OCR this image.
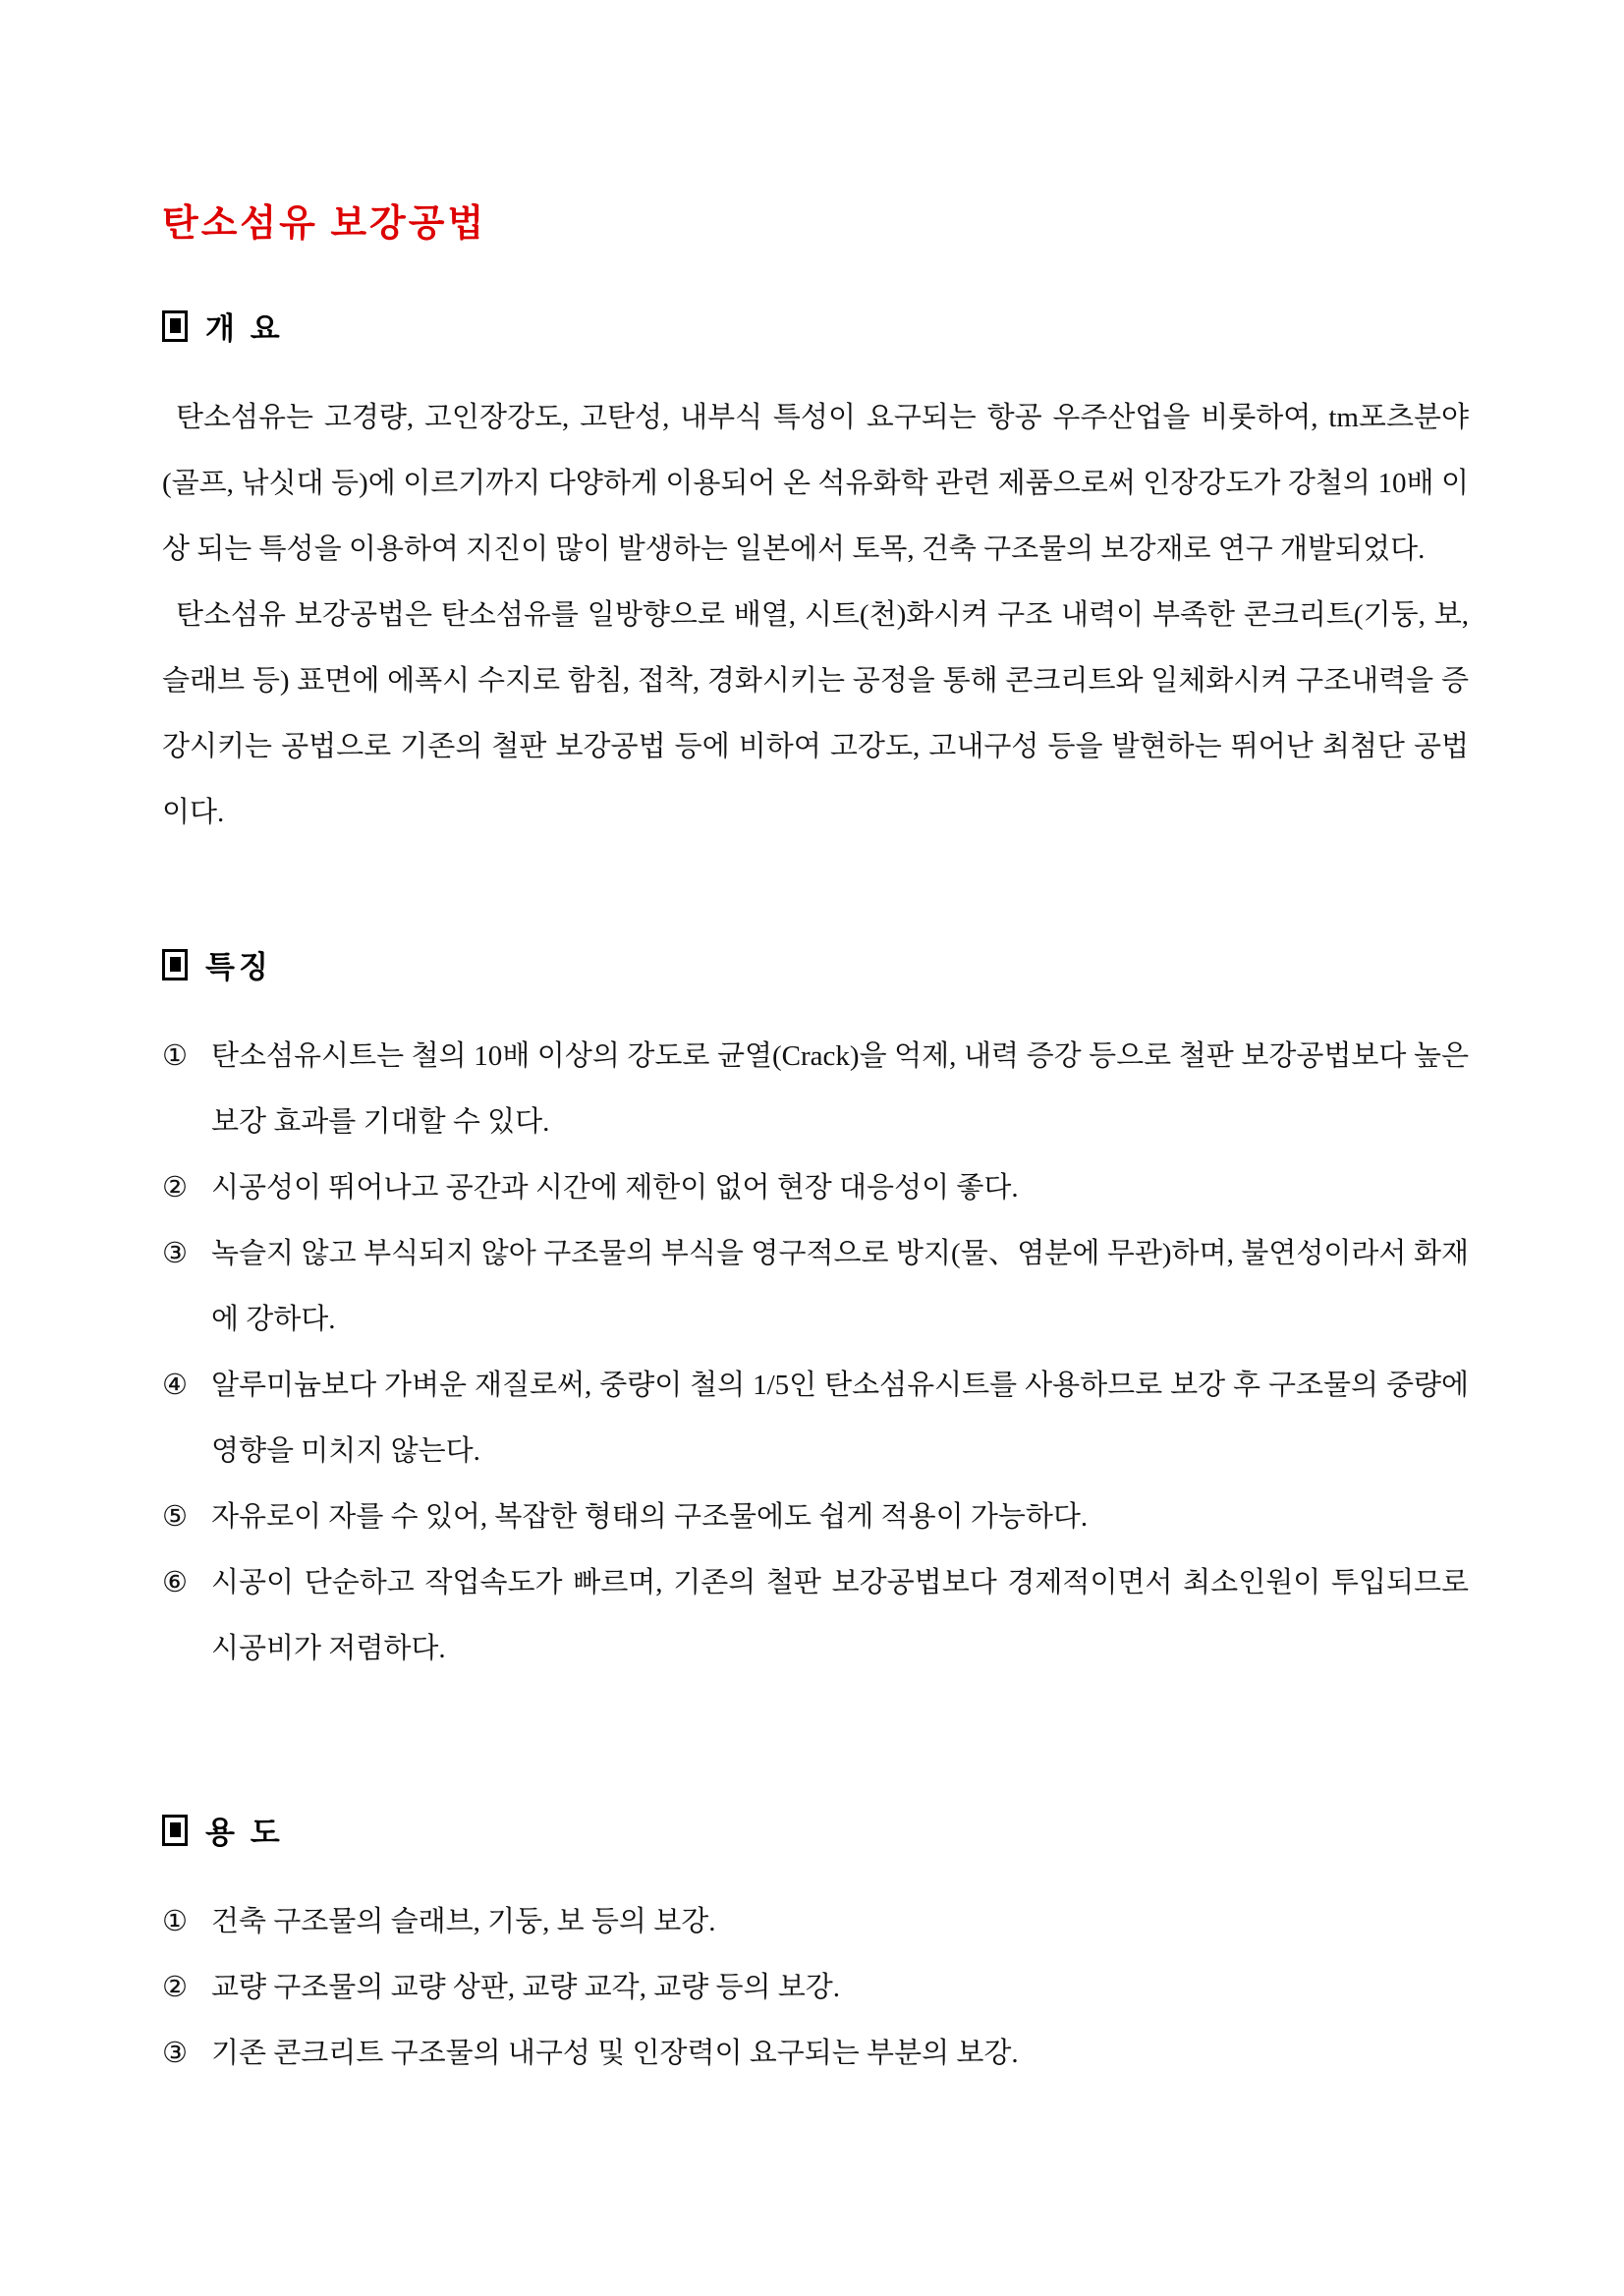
탄소섬유 보강공법
개 요

탄소섬유는 고경량, 고인장강도, 고탄성, 내부식 특성이 요구되는 항공 우주산업을 비롯하여, tm포츠분야(골프, 낚싯대 등)에 이르기까지 다양하게 이용되어 온 석유화학 관련 제품으로써 인장강도가 강철의 10배 이상 되는 특성을 이용하여 지진이 많이 발생하는 일본에서 토목, 건축 구조물의 보강재로 연구 개발되었다.

탄소섬유 보강공법은 탄소섬유를 일방향으로 배열, 시트(천)화시켜 구조 내력이 부족한 콘크리트(기둥, 보, 슬래브 등) 표면에 에폭시 수지로 함침, 접착, 경화시키는 공정을 통해 콘크리트와 일체화시켜 구조내력을 증강시키는 공법으로 기존의 철판 보강공법 등에 비하여 고강도, 고내구성 등을 발현하는 뛰어난 최첨단 공법이다.

특징
① 탄소섬유시트는 철의 10배 이상의 강도로 균열(Crack)을 억제, 내력 증강 등으로 철판 보강공법보다 높은 보강 효과를 기대할 수 있다.
② 시공성이 뛰어나고 공간과 시간에 제한이 없어 현장 대응성이 좋다.
③ 녹슬지 않고 부식되지 않아 구조물의 부식을 영구적으로 방지(물、염분에 무관)하며, 불연성이라서 화재에 강하다.
④ 알루미늄보다 가벼운 재질로써, 중량이 철의 1/5인 탄소섬유시트를 사용하므로 보강 후 구조물의 중량에 영향을 미치지 않는다.
⑤ 자유로이 자를 수 있어, 복잡한 형태의 구조물에도 쉽게 적용이 가능하다.
⑥ 시공이 단순하고 작업속도가 빠르며, 기존의 철판 보강공법보다 경제적이면서 최소인원이 투입되므로 시공비가 저렴하다.
용 도
① 건축 구조물의 슬래브, 기둥, 보 등의 보강.
② 교량 구조물의 교량 상판, 교량 교각, 교량 등의 보강.
③ 기존 콘크리트 구조물의 내구성 및 인장력이 요구되는 부분의 보강.
